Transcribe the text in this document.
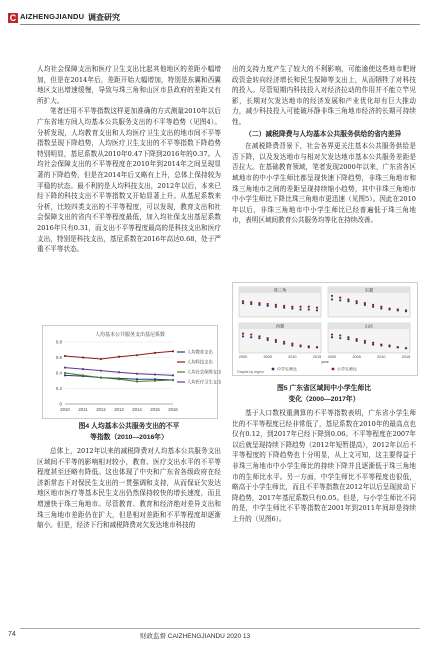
C AIZHENGJIANDU 调查研究

人均社会保障支出和医疗卫生支出比起其他地区的差距小幅增加，但是在2014年后，差距开始大幅增加，特别是东翼和西翼地区支出增速缓慢，导致与珠三角和山区市县政府的差距又有所扩大。

笔者还用不平等指数这样更加准确的方式测量2010年以后广东省地方间人均基本公共服务支出的不平等趋势（见图4）。分析发现，人均教育支出和人均医疗卫生支出的地市间不平等指数呈现下降趋势，人均医疗卫生支出的不平等指数下降趋势特别明显，基尼系数从2010年0.47下降到2016年的0.37。人均社会保障支出的不平等程度在2010年到2014年之间呈现显著的下降趋势，但是在2014年后又略有上升，总体上保持较为平稳的状态。最不利的是人均科技支出，2012年以后，本来已经下降的科技支出不平等指数又开始显著上升。从基尼系数来分析，比较四类支出的不平等程度，可以发现，教育支出和社会保障支出的省内不平等程度最低，加入均社保支出基尼系数2016年只有0.31，而支出不平等程度最高的是科技支出和医疗支出，特别是科技支出，基尼系数在2016年高达0.68，处于严重不平等状态。

人均基本公共服务支出基尼系数
0.8
0.6
0.4
0.2
0
2010 2011 2012 2013 2014 2015 2016
人均教育支出
人均科技支出
人均社会保障支出
人均医疗卫生支出
图4 人均基本公共服务支出的不平
等指数（2010—2016年）

总体上，2012年以来的减税降费对人均基本公共服务支出区域间不平等的影响相对较小，教育、医疗支出水平的不平等程度甚至还略有降低。这也体现了中央和广东省各级政府在经济新常态下对保民生支出的一贯强调和支持，从而保证欠发达地区地市医疗等基本民生支出仍然保持较快的增长速度，而且增速快于珠三角地市。尽管教育、教育和经济绝对差异支出和珠三角地市差距仍在扩大，但是相对差距和不平等程度却逐渐缩小。但是，经济下行和减税降费对欠发达地市科技的

出的支持力度产生了较大的不利影响，可能逾使这些地市粑财政资金转向经济增长和民生保障等支出上，从而牺牲了对科技的投入。尽管短期内科技投入对经济拉动的作用并不能立竿见影，长期对欠发达地市的经济发展和产业优化却有巨大推动力，减少科技投入可能破坏静非珠三角地市经济的长期可持续性。

（二）减税降费与人均基本公共服务供给的省内差异

在减税降费背景下，社会各界更关注基本公共服务供给是否下降，以及发达地市与相对欠发达地市基本公共服务差距是否拉大。在基础教育领域，笔者发现2000年以来，广东省各区域地市的中小学生师比都呈现快速下降趋势，非珠三角地市和珠三角地市之间的差距呈现持续缩小趋势，其中非珠三角地市中小学生师比下降比珠三角地市更迅速（见图5）。因此在2010年以后，非珠三角地市中小学生师比已经普遍低于珠三角地市，表明区域间教育公共服务均等化在持续改善。

珠三角	东翼
西翼
2000	2005	2010	2015
山区
2000	2005	2010	2015
year
中学生师比	小学生师比
Graphs by region
图5 广东省区域间中小学生师比
变化（2000—2017年）

基于人口数权重测算的不平等指数表明，广东省小学生师比的不平等程度已经非常低了，基尼系数在2010年的最高点也仅有0.12，到2017年已经下降到0.06。不平等程度在2007年以后就呈现持续下降趋势（2012年短暂提高），2012年以后不平等程度的下降趋势也十分明显，从上文可知，这主要得益于非珠三角地市中小学生师比的持续下降并且逐渐低于珠三角地市的生师比水平。另一方面，中学生师比不平等程度也很低，略高于小学生师比，而且不平等指数在2012年以后呈现波动下降趋势，2017年基尼系数只有0.05。但是，与小学生师比不同的是，中学生师比不平等指数在2001年到2011年间却是持续上升的（见图6）。

74	财政监督 CAIZHENGJIANDU 2020 13
